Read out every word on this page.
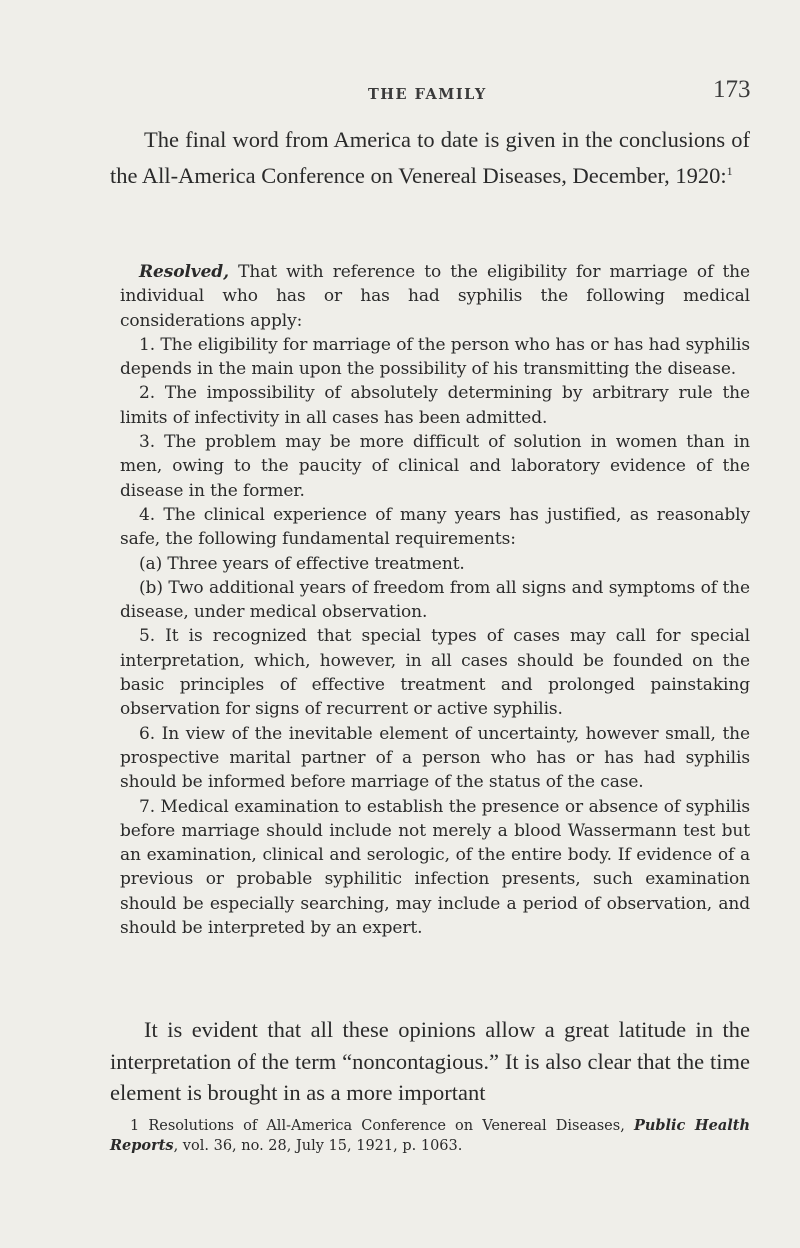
THE FAMILY	173

The final word from America to date is given in the conclusions of the All-America Conference on Venereal Diseases, December, 1920:$^1$

Resolved, That with reference to the eligibility for marriage of the individual who has or has had syphilis the following medical considerations apply:

1. The eligibility for marriage of the person who has or has had syphilis depends in the main upon the possibility of his transmitting the disease.

2. The impossibility of absolutely determining by arbitrary rule the limits of infectivity in all cases has been admitted.

3. The problem may be more difficult of solution in women than in men, owing to the paucity of clinical and laboratory evidence of the disease in the former.

4. The clinical experience of many years has justified, as reasonably safe, the following fundamental requirements:

(a) Three years of effective treatment.

(b) Two additional years of freedom from all signs and symptoms of the disease, under medical observation.

5. It is recognized that special types of cases may call for special interpretation, which, however, in all cases should be founded on the basic principles of effective treatment and prolonged painstaking observation for signs of recurrent or active syphilis.

6. In view of the inevitable element of uncertainty, however small, the prospective marital partner of a person who has or has had syphilis should be informed before marriage of the status of the case.

7. Medical examination to establish the presence or absence of syphilis before marriage should include not merely a blood Wassermann test but an examination, clinical and serologic, of the entire body. If evidence of a previous or probable syphilitic infection presents, such examination should be especially searching, may include a period of observation, and should be interpreted by an expert.

It is evident that all these opinions allow a great latitude in the interpretation of the term “noncontagious.” It is also clear that the time element is brought in as a more important

1 Resolutions of All-America Conference on Venereal Diseases, Public Health Reports, vol. 36, no. 28, July 15, 1921, p. 1063.
